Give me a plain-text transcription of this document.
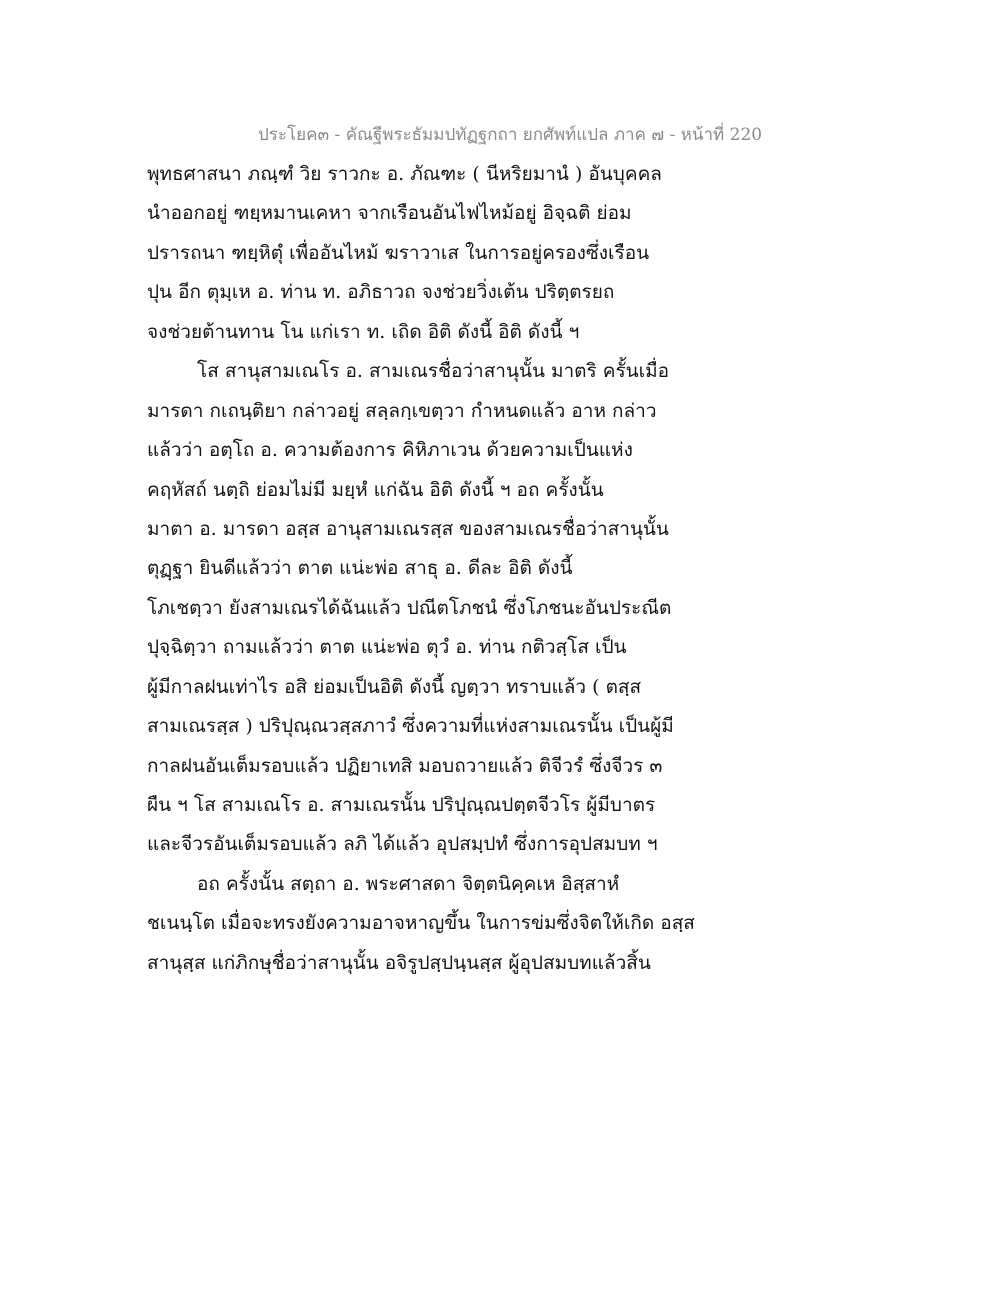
ประโยค๓ - คัณฐีพระธัมมปทัฏฐกถา ยกศัพท์แปล ภาค ๗ - หน้าที่ 220
พุทธศาสนา ภณฺฑํ วิย ราวกะ อ. ภัณฑะ ( นีหริยมานํ ) อันบุคคล
นำออกอยู่ ฑยฺหมานเคหา จากเรือนอันไฟไหม้อยู่ อิจฺฉติ ย่อม
ปรารถนา ฑยฺหิตุํ เพื่ออันไหม้ ฆราวาเส ในการอยู่ครองซึ่งเรือน
ปุน อีก ตุมฺเห อ. ท่าน ท. อภิธาวถ จงช่วยวิ่งเต้น ปริตฺตรยถ
จงช่วยต้านทาน โน แก่เรา ท. เถิด อิติ ดังนี้ อิติ ดังนี้ ฯ
โส สานุสามเณโร อ. สามเณรชื่อว่าสานุนั้น มาตริ ครั้นเมื่อ
มารดา กเถนฺติยา กล่าวอยู่ สลฺลกฺเขตฺวา กำหนดแล้ว อาห กล่าว
แล้วว่า อตฺโถ อ. ความต้องการ คิหิภาเวน ด้วยความเป็นแห่ง
คฤหัสถ์ นตฺถิ ย่อมไม่มี มยฺหํ แก่ฉัน อิติ ดังนี้ ฯ อถ ครั้งนั้น
มาตา อ. มารดา อสฺส อานุสามเณรสฺส ของสามเณรชื่อว่าสานุนั้น
ตุฏฺฐา ยินดีแล้วว่า ตาต แน่ะพ่อ สาธุ อ. ดีละ อิติ ดังนี้
โภเชตฺวา ยังสามเณรได้ฉันแล้ว ปณีตโภชนํ ซึ่งโภชนะอันประณีต
ปุจฺฉิตฺวา ถามแล้วว่า ตาต แน่ะพ่อ ตุวํ อ. ท่าน กติวสฺโส เป็น
ผู้มีกาลฝนเท่าไร อสิ ย่อมเป็นอิติ ดังนี้ ญตฺวา ทราบแล้ว ( ตสฺส
สามเณรสฺส ) ปริปุณฺณวสฺสภาวํ ซึ่งความที่แห่งสามเณรนั้น เป็นผู้มี
กาลฝนอันเต็มรอบแล้ว ปฏิยาเทสิ มอบถวายแล้ว ติจีวรํ ซึ่งจีวร ๓
ผืน ฯ โส สามเณโร อ. สามเณรนั้น ปริปุณฺณปตฺตจีวโร ผู้มีบาตร
และจีวรอันเต็มรอบแล้ว ลภิ ได้แล้ว อุปสมฺปทํ ซึ่งการอุปสมบท ฯ
อถ ครั้งนั้น สตฺถา อ. พระศาสดา จิตฺตนิคฺคเห อิสฺสาหํ
ชเนนฺโต เมื่อจะทรงยังความอาจหาญขึ้น ในการข่มซึ่งจิตให้เกิด อสฺส
สานุสฺส แก่ภิกษุชื่อว่าสานุนั้น อจิรูปสฺปนฺนสฺส ผู้อุปสมบทแล้วสิ้น
